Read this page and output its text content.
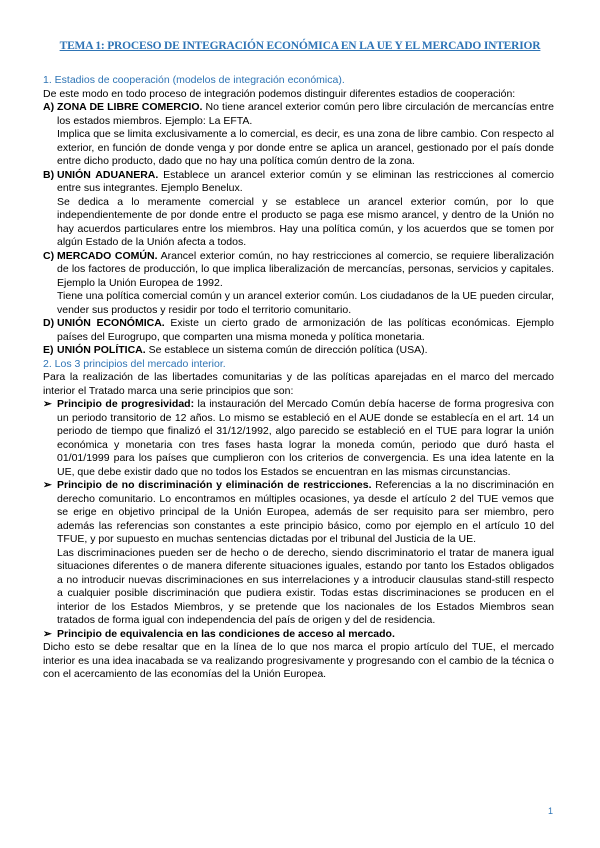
TEMA 1: PROCESO DE INTEGRACIÓN ECONÓMICA EN LA UE Y EL MERCADO INTERIOR

1. Estadios de cooperación (modelos de integración económica).

De este modo en todo proceso de integración podemos distinguir diferentes estadios de cooperación:

A) ZONA DE LIBRE COMERCIO. No tiene arancel exterior común pero libre circulación de mercancías entre los estados miembros. Ejemplo: La EFTA.

Implica que se limita exclusivamente a lo comercial, es decir, es una zona de libre cambio. Con respecto al exterior, en función de donde venga y por donde entre se aplica un arancel, gestionado por el país donde entre dicho producto, dado que no hay una política común dentro de la zona.

B) UNIÓN ADUANERA. Establece un arancel exterior común y se eliminan las restricciones al comercio entre sus integrantes. Ejemplo Benelux.

Se dedica a lo meramente comercial y se establece un arancel exterior común, por lo que independientemente de por donde entre el producto se paga ese mismo arancel, y dentro de la Unión no hay acuerdos particulares entre los miembros. Hay una política común, y los acuerdos que se tomen por algún Estado de la Unión afecta a todos.

C) MERCADO COMÚN. Arancel exterior común, no hay restricciones al comercio, se requiere liberalización de los factores de producción, lo que implica liberalización de mercancías, personas, servicios y capitales. Ejemplo la Unión Europea de 1992.

Tiene una política comercial común y un arancel exterior común. Los ciudadanos de la UE pueden circular, vender sus productos y residir por todo el territorio comunitario.

D) UNIÓN ECONÓMICA. Existe un cierto grado de armonización de las políticas económicas. Ejemplo países del Eurogrupo, que comparten una misma moneda y política monetaria.

E) UNIÓN POLÍTICA. Se establece un sistema común de dirección política (USA).

2. Los 3 principios del mercado interior.

Para la realización de las libertades comunitarias y de las políticas aparejadas en el marco del mercado interior el Tratado marca una serie principios que son:

➢ Principio de progresividad: la instauración del Mercado Común debía hacerse de forma progresiva con un periodo transitorio de 12 años. Lo mismo se estableció en el AUE donde se establecía en el art. 14 un periodo de tiempo que finalizó el 31/12/1992, algo parecido se estableció en el TUE para lograr la unión económica y monetaria con tres fases hasta lograr la moneda común, periodo que duró hasta el 01/01/1999 para los países que cumplieron con los criterios de convergencia. Es una idea latente en la UE, que debe existir dado que no todos los Estados se encuentran en las mismas circunstancias.

➢ Principio de no discriminación y eliminación de restricciones. Referencias a la no discriminación en derecho comunitario. Lo encontramos en múltiples ocasiones, ya desde el artículo 2 del TUE vemos que se erige en objetivo principal de la Unión Europea, además de ser requisito para ser miembro, pero además las referencias son constantes a este principio básico, como por ejemplo en el artículo 10 del TFUE, y por supuesto en muchas sentencias dictadas por el tribunal del Justicia de la UE.

Las discriminaciones pueden ser de hecho o de derecho, siendo discriminatorio el tratar de manera igual situaciones diferentes o de manera diferente situaciones iguales, estando por tanto los Estados obligados a no introducir nuevas discriminaciones en sus interrelaciones y a introducir clausulas stand-still respecto a cualquier posible discriminación que pudiera existir. Todas estas discriminaciones se producen en el interior de los Estados Miembros, y se pretende que los nacionales de los Estados Miembros sean tratados de forma igual con independencia del país de origen y del de residencia.

➢ Principio de equivalencia en las condiciones de acceso al mercado.

Dicho esto se debe resaltar que en la línea de lo que nos marca el propio artículo del TUE, el mercado interior es una idea inacabada se va realizando progresivamente y progresando con el cambio de la técnica o con el acercamiento de las economías del la Unión Europea.

1
